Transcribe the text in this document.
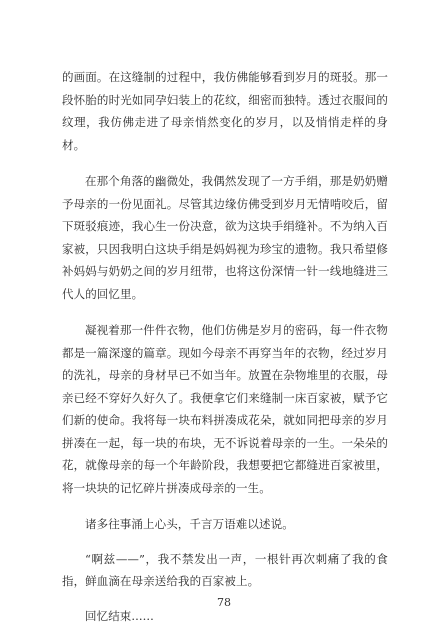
的画面。在这缝制的过程中，我仿佛能够看到岁月的斑驳。那一段怀胎的时光如同孕妇装上的花纹，细密而独特。透过衣服间的纹理，我仿佛走进了母亲悄然变化的岁月，以及悄悄走样的身材。

在那个角落的幽微处，我偶然发现了一方手绢，那是奶奶赠予母亲的一份见面礼。尽管其边缘仿佛受到岁月无情啃咬后，留下斑驳痕迹，我心生一份决意，欲为这块手绢缝补。不为纳入百家被，只因我明白这块手绢是妈妈视为珍宝的遗物。我只希望修补妈妈与奶奶之间的岁月纽带，也将这份深情一针一线地缝进三代人的回忆里。

凝视着那一件件衣物，他们仿佛是岁月的密码，每一件衣物都是一篇深邃的篇章。现如今母亲不再穿当年的衣物，经过岁月的洗礼，母亲的身材早已不如当年。放置在杂物堆里的衣服，母亲已经不穿好久好久了。我便拿它们来缝制一床百家被，赋予它们新的使命。我将每一块布料拼凑成花朵，就如同把母亲的岁月拼凑在一起，每一块的布块，无不诉说着母亲的一生。一朵朵的花，就像母亲的每一个年龄阶段，我想要把它都缝进百家被里，将一块块的记忆碎片拼凑成母亲的一生。

诸多往事涌上心头，千言万语难以述说。

“啊兹——”，我不禁发出一声，一根针再次刺痛了我的食指，鲜血滴在母亲送给我的百家被上。

回忆结束......

78
